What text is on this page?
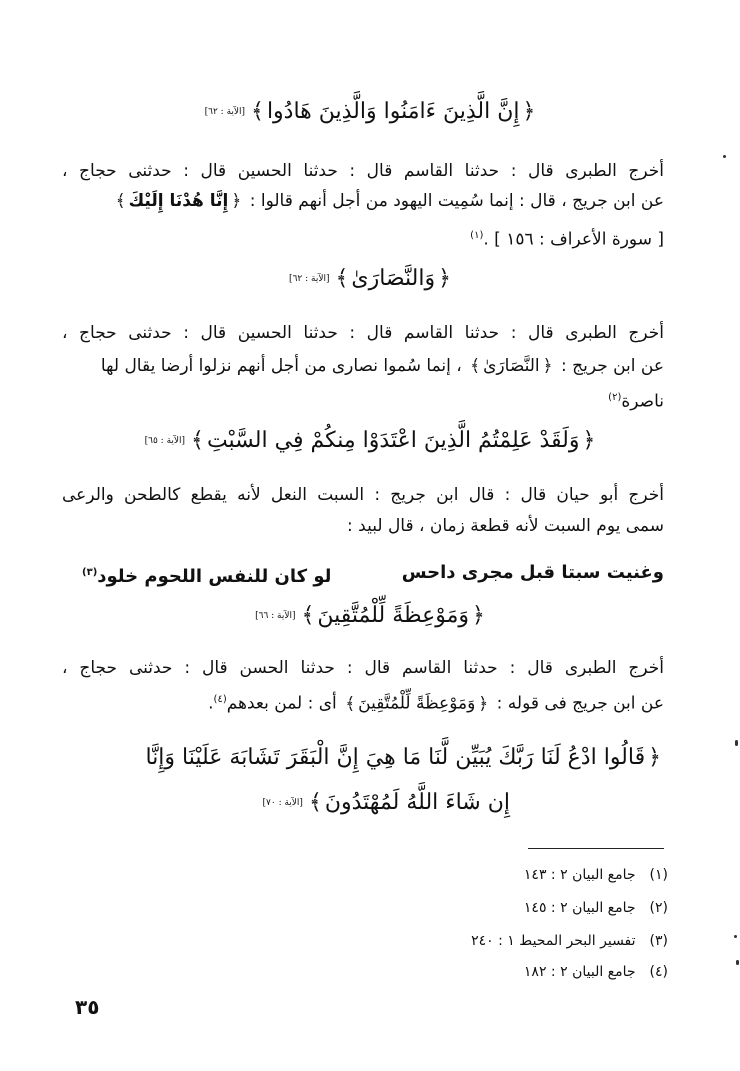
﴿إِنَّ الَّذِينَ ءَامَنُوا وَالَّذِينَ هَادُوا﴾[الآية : ٦٢]
أخرج الطبرى قال : حدثنا القاسم قال : حدثنا الحسين قال : حدثنى حجاج ،
عن ابن جريج ، قال : إنما سُمِيت اليهود من أجل أنهم قالوا : ﴿إِنَّا هُدْنَا إِلَيْكَ﴾
[ سورة الأعراف : ١٥٦ ] .$^{(١)}$
﴿وَالنَّصَارَىٰ﴾[الآية : ٦٢]
أخرج الطبرى قال : حدثنا القاسم قال : حدثنا الحسين قال : حدثنى حجاج ،
عن ابن جريج : ﴿النَّصَارَىٰ﴾ ، إنما سُموا نصارى من أجل أنهم نزلوا أرضا يقال لها
ناصرة$^{(٢)}$
﴿وَلَقَدْ عَلِمْتُمُ الَّذِينَ اعْتَدَوْا مِنكُمْ فِي السَّبْتِ﴾[الآية : ٦٥]
أخرج أبو حيان قال : قال ابن جريج : السبت النعل لأنه يقطع كالطحن والرعى
سمى يوم السبت لأنه قطعة زمان ، قال لبيد :
وغنيت سبتا قبل مجرى داحس
لو كان للنفس اللحوم خلود$^{(٣)}$
﴿وَمَوْعِظَةً لِّلْمُتَّقِينَ﴾[الآية : ٦٦]
أخرج الطبرى قال : حدثنا القاسم قال : حدثنا الحسن قال : حدثنى حجاج ،
عن ابن جريج فى قوله : ﴿وَمَوْعِظَةً لِّلْمُتَّقِينَ﴾ أى : لمن بعدهم$^{(٤)}$.
﴿قَالُوا ادْعُ لَنَا رَبَّكَ يُبَيِّن لَّنَا مَا هِيَ إِنَّ الْبَقَرَ تَشَابَهَ عَلَيْنَا وَإِنَّا
إِن شَاءَ اللَّهُ لَمُهْتَدُونَ﴾[الآية : ٧٠]
(١) جامع البيان ٢ : ١٤٣
(٢) جامع البيان ٢ : ١٤٥
(٣) تفسير البحر المحيط ١ : ٢٤٠
(٤) جامع البيان ٢ : ١٨٢
٣٥
